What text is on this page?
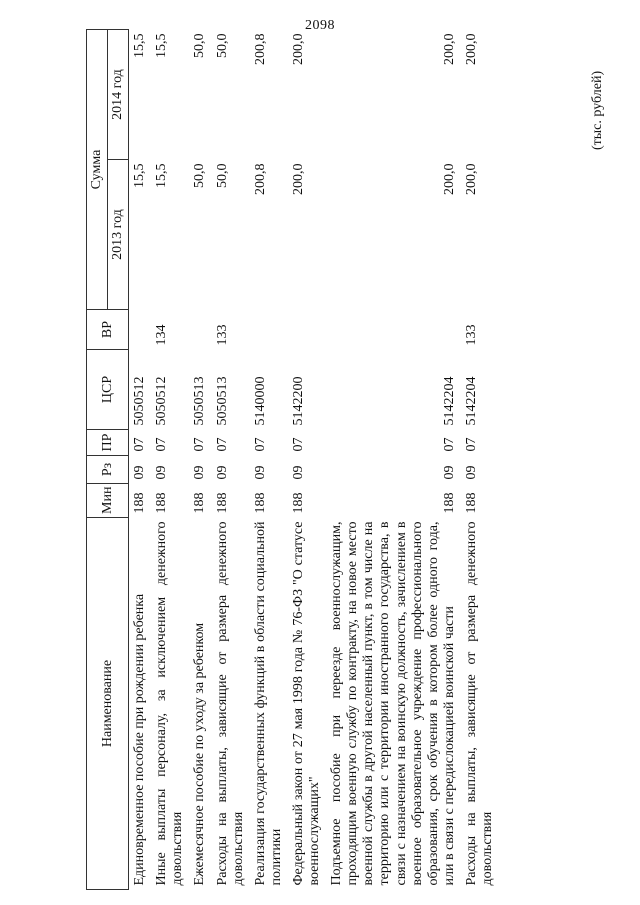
2098
(тыс. рублей)
Наименование	Мин	Рз	ПР	ЦСР	ВР	Сумма	
						2013 год	2014 год
Единовременное пособие при рождении ребенка	188	09	07	5050512		15,5	15,5
Иные выплаты персоналу, за исключением денежного довольствия	188	09	07	5050512	134	15,5	15,5
Ежемесячное пособие по уходу за ребенком	188	09	07	5050513		50,0	50,0
Расходы на выплаты, зависящие от размера денежного довольствия	188	09	07	5050513	133	50,0	50,0
Реализация государственных функций в области социальной политики	188	09	07	5140000		200,8	200,8
Федеральный закон от 27 мая 1998 года № 76-ФЗ "О статусе военнослужащих"	188	09	07	5142200		200,0	200,0
Подъемное пособие при переезде военнослужащим, проходящим военную службу по контракту, на новое место военной службы в другой населенный пункт, в том числе на территорию или с территории иностранного государства, в связи с назначением на воинскую должность, зачислением в военное образовательное учреждение профессионального образования, срок обучения в котором более одного года, или в связи с передислокацией воинской части	188	09	07	5142204		200,0	200,0
Расходы на выплаты, зависящие от размера денежного довольствия	188	09	07	5142204	133	200,0	200,0
